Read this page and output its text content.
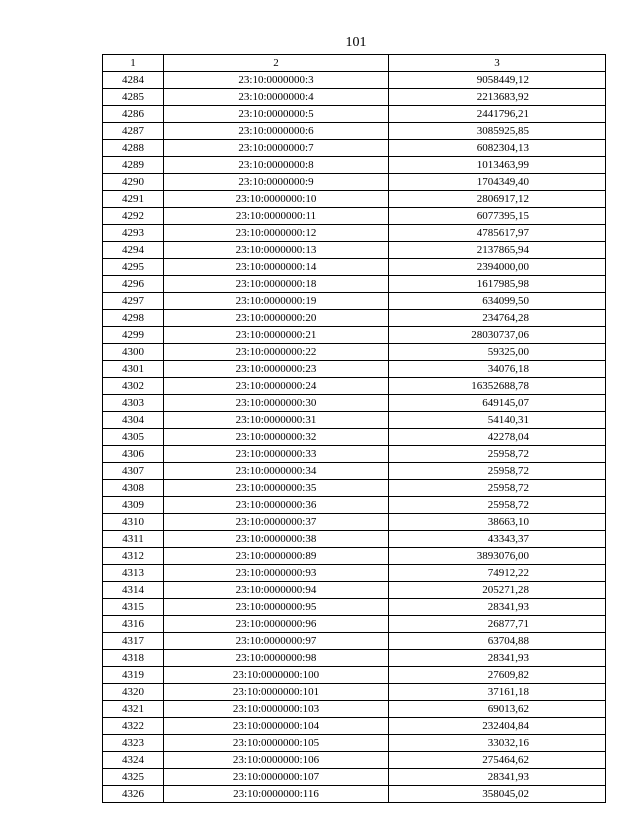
101
1	2	3
4284	23:10:0000000:3	9058449,12
4285	23:10:0000000:4	2213683,92
4286	23:10:0000000:5	2441796,21
4287	23:10:0000000:6	3085925,85
4288	23:10:0000000:7	6082304,13
4289	23:10:0000000:8	1013463,99
4290	23:10:0000000:9	1704349,40
4291	23:10:0000000:10	2806917,12
4292	23:10:0000000:11	6077395,15
4293	23:10:0000000:12	4785617,97
4294	23:10:0000000:13	2137865,94
4295	23:10:0000000:14	2394000,00
4296	23:10:0000000:18	1617985,98
4297	23:10:0000000:19	634099,50
4298	23:10:0000000:20	234764,28
4299	23:10:0000000:21	28030737,06
4300	23:10:0000000:22	59325,00
4301	23:10:0000000:23	34076,18
4302	23:10:0000000:24	16352688,78
4303	23:10:0000000:30	649145,07
4304	23:10:0000000:31	54140,31
4305	23:10:0000000:32	42278,04
4306	23:10:0000000:33	25958,72
4307	23:10:0000000:34	25958,72
4308	23:10:0000000:35	25958,72
4309	23:10:0000000:36	25958,72
4310	23:10:0000000:37	38663,10
4311	23:10:0000000:38	43343,37
4312	23:10:0000000:89	3893076,00
4313	23:10:0000000:93	74912,22
4314	23:10:0000000:94	205271,28
4315	23:10:0000000:95	28341,93
4316	23:10:0000000:96	26877,71
4317	23:10:0000000:97	63704,88
4318	23:10:0000000:98	28341,93
4319	23:10:0000000:100	27609,82
4320	23:10:0000000:101	37161,18
4321	23:10:0000000:103	69013,62
4322	23:10:0000000:104	232404,84
4323	23:10:0000000:105	33032,16
4324	23:10:0000000:106	275464,62
4325	23:10:0000000:107	28341,93
4326	23:10:0000000:116	358045,02
